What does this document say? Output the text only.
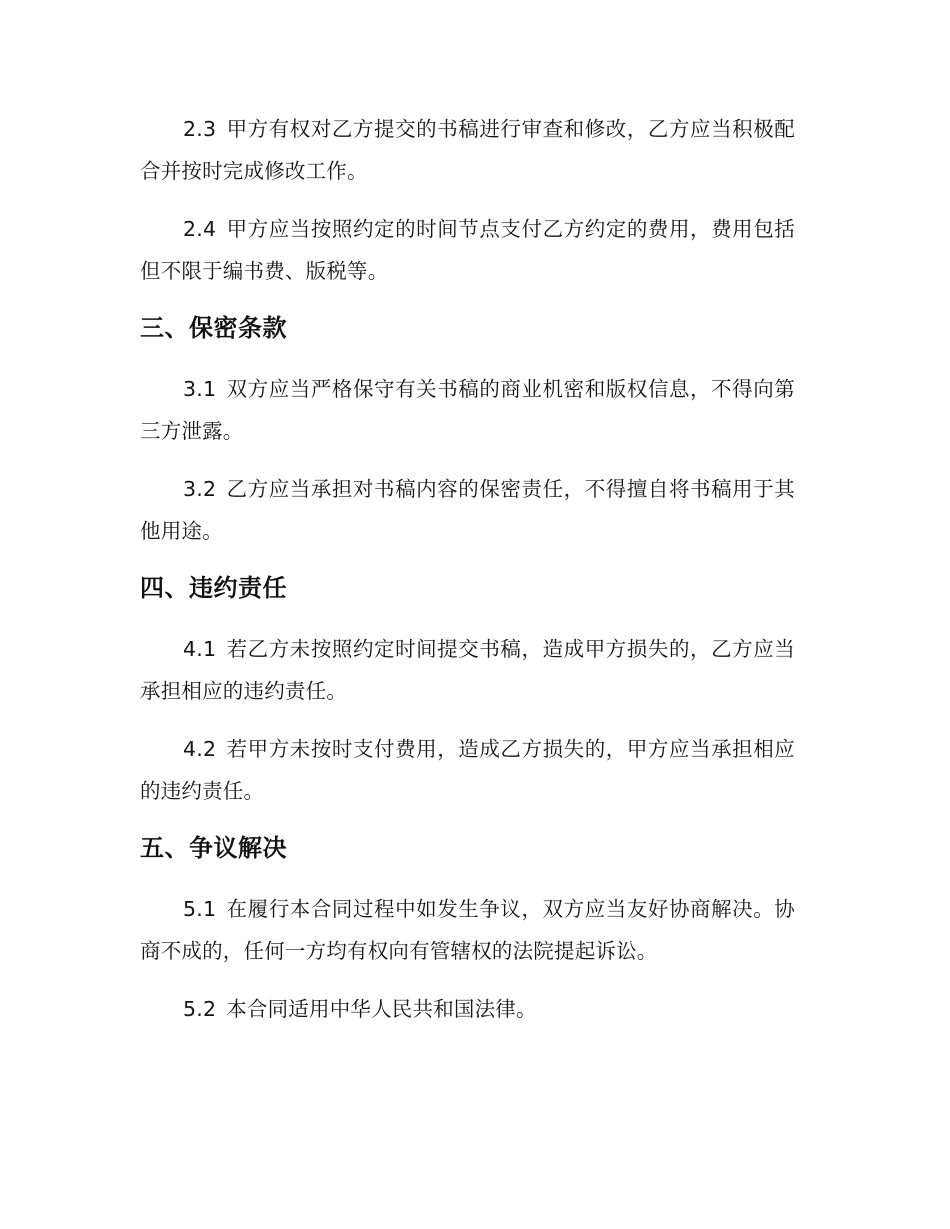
2.3 甲方有权对乙方提交的书稿进行审查和修改，乙方应当积极配合并按时完成修改工作。

2.4 甲方应当按照约定的时间节点支付乙方约定的费用，费用包括但不限于编书费、版税等。

三、保密条款

3.1 双方应当严格保守有关书稿的商业机密和版权信息，不得向第三方泄露。

3.2 乙方应当承担对书稿内容的保密责任，不得擅自将书稿用于其他用途。

四、违约责任

4.1 若乙方未按照约定时间提交书稿，造成甲方损失的，乙方应当承担相应的违约责任。

4.2 若甲方未按时支付费用，造成乙方损失的，甲方应当承担相应的违约责任。

五、争议解决

5.1 在履行本合同过程中如发生争议，双方应当友好协商解决。协商不成的，任何一方均有权向有管辖权的法院提起诉讼。

5.2 本合同适用中华人民共和国法律。
